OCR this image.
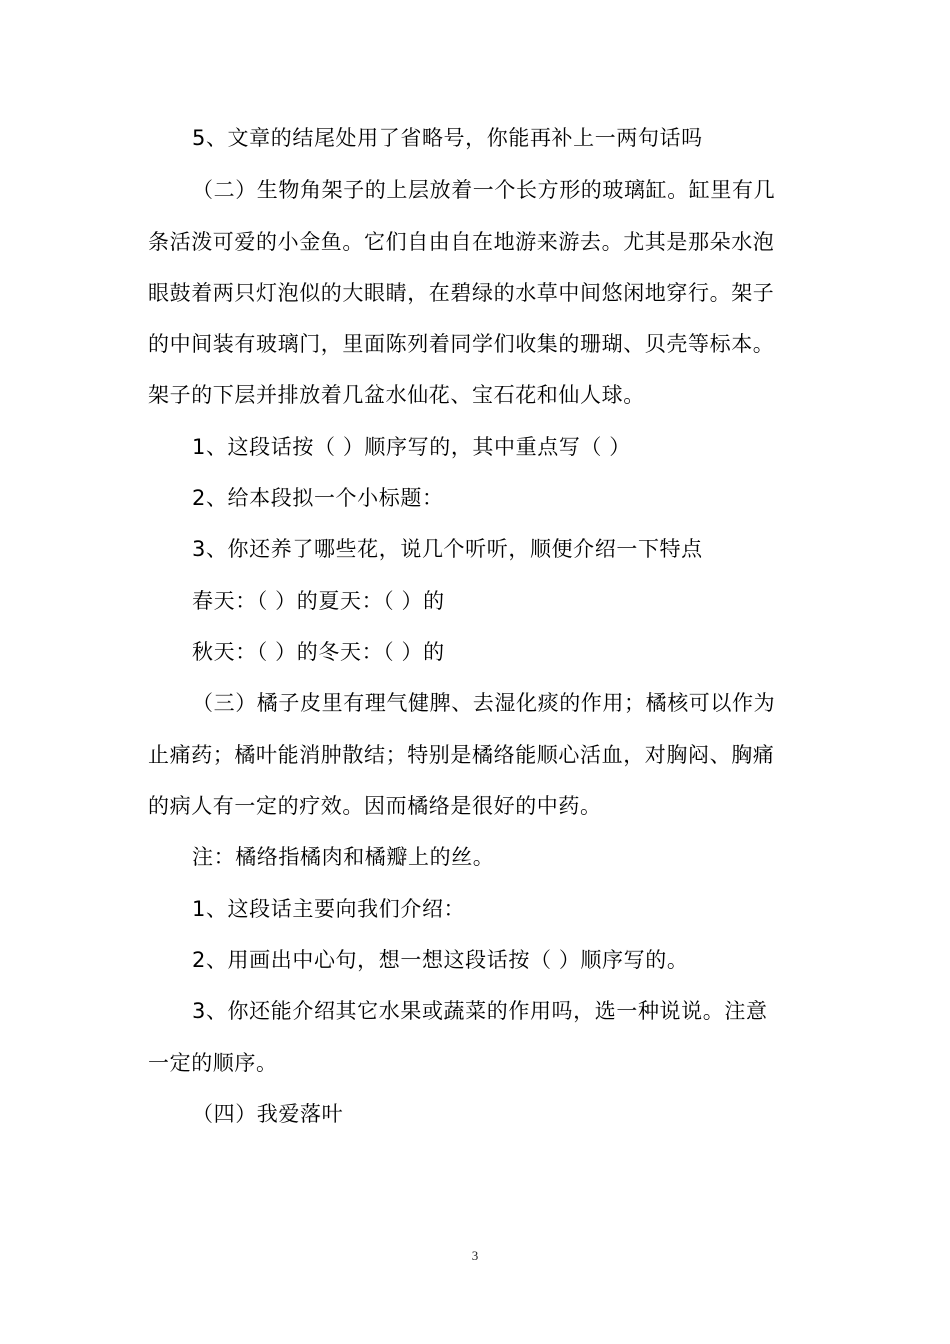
5、文章的结尾处用了省略号，你能再补上一两句话吗
（二）生物角架子的上层放着一个长方形的玻璃缸。缸里有几
条活泼可爱的小金鱼。它们自由自在地游来游去。尤其是那朵水泡
眼鼓着两只灯泡似的大眼睛，在碧绿的水草中间悠闲地穿行。架子
的中间装有玻璃门，里面陈列着同学们收集的珊瑚、贝壳等标本。
架子的下层并排放着几盆水仙花、宝石花和仙人球。
1、这段话按（ ）顺序写的，其中重点写（ ）
2、给本段拟一个小标题：
3、你还养了哪些花，说几个听听，顺便介绍一下特点
春天：（ ）的夏天：（ ）的
秋天：（ ）的冬天：（ ）的
（三）橘子皮里有理气健脾、去湿化痰的作用；橘核可以作为
止痛药；橘叶能消肿散结；特别是橘络能顺心活血，对胸闷、胸痛
的病人有一定的疗效。因而橘络是很好的中药。
注：橘络指橘肉和橘瓣上的丝。
1、这段话主要向我们介绍：
2、用画出中心句，想一想这段话按（ ）顺序写的。
3、你还能介绍其它水果或蔬菜的作用吗，选一种说说。注意
一定的顺序。
（四）我爱落叶
3
